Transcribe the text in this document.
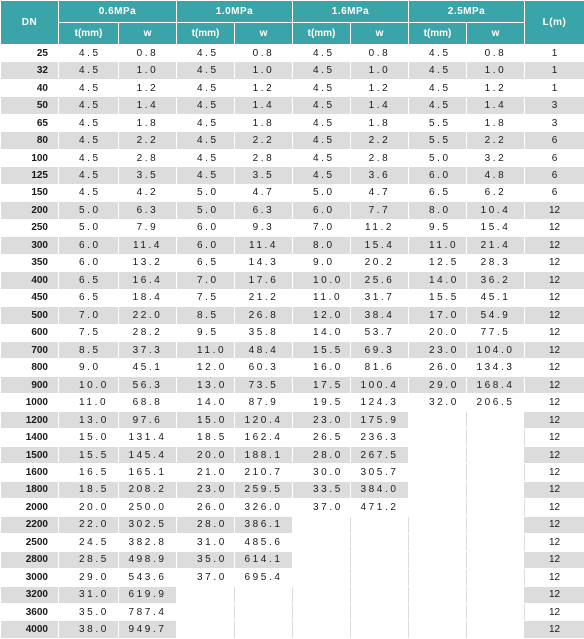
DN	0.6MPa		1.0MPa		1.6MPa		2.5MPa		L(m)
	t(mm)	w	t(mm)	w	t(mm)	w	t(mm)	w	
25	4.5	0.8	4.5	0.8	4.5	0.8	4.5	0.8	1
32	4.5	1.0	4.5	1.0	4.5	1.0	4.5	1.0	1
40	4.5	1.2	4.5	1.2	4.5	1.2	4.5	1.2	1
50	4.5	1.4	4.5	1.4	4.5	1.4	4.5	1.4	3
65	4.5	1.8	4.5	1.8	4.5	1.8	5.5	1.8	3
80	4.5	2.2	4.5	2.2	4.5	2.2	5.5	2.2	6
100	4.5	2.8	4.5	2.8	4.5	2.8	5.0	3.2	6
125	4.5	3.5	4.5	3.5	4.5	3.6	6.0	4.8	6
150	4.5	4.2	5.0	4.7	5.0	4.7	6.5	6.2	6
200	5.0	6.3	5.0	6.3	6.0	7.7	8.0	10.4	12
250	5.0	7.9	6.0	9.3	7.0	11.2	9.5	15.4	12
300	6.0	11.4	6.0	11.4	8.0	15.4	11.0	21.4	12
350	6.0	13.2	6.5	14.3	9.0	20.2	12.5	28.3	12
400	6.5	16.4	7.0	17.6	10.0	25.6	14.0	36.2	12
450	6.5	18.4	7.5	21.2	11.0	31.7	15.5	45.1	12
500	7.0	22.0	8.5	26.8	12.0	38.4	17.0	54.9	12
600	7.5	28.2	9.5	35.8	14.0	53.7	20.0	77.5	12
700	8.5	37.3	11.0	48.4	15.5	69.3	23.0	104.0	12
800	9.0	45.1	12.0	60.3	16.0	81.6	26.0	134.3	12
900	10.0	56.3	13.0	73.5	17.5	100.4	29.0	168.4	12
1000	11.0	68.8	14.0	87.9	19.5	124.3	32.0	206.5	12
1200	13.0	97.6	15.0	120.4	23.0	175.9			12
1400	15.0	131.4	18.5	162.4	26.5	236.3			12
1500	15.5	145.4	20.0	188.1	28.0	267.5			12
1600	16.5	165.1	21.0	210.7	30.0	305.7			12
1800	18.5	208.2	23.0	259.5	33.5	384.0			12
2000	20.0	250.0	26.0	326.0	37.0	471.2			12
2200	22.0	302.5	28.0	386.1					12
2500	24.5	382.8	31.0	485.6					12
2800	28.5	498.9	35.0	614.1					12
3000	29.0	543.6	37.0	695.4					12
3200	31.0	619.9							12
3600	35.0	787.4							12
4000	38.0	949.7							12
